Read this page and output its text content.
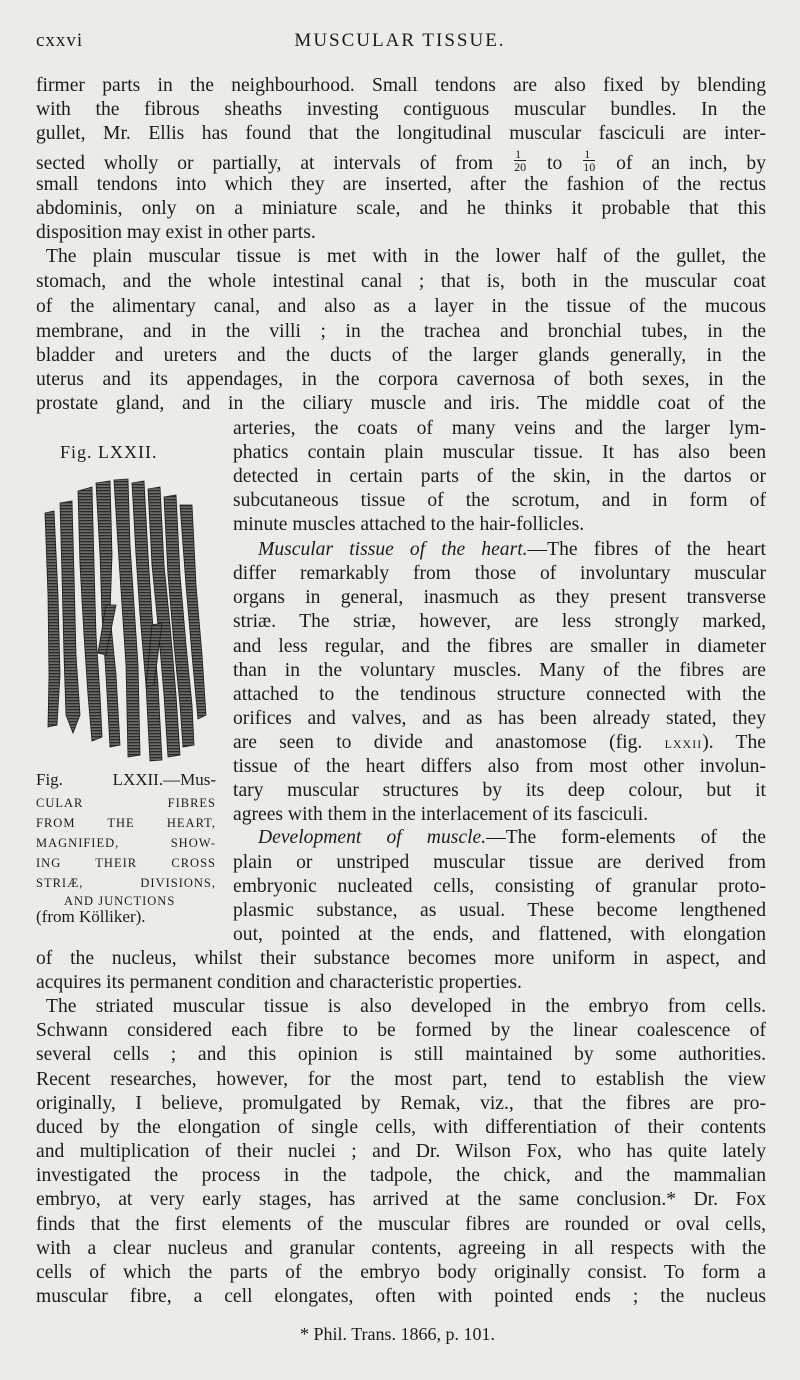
cxxvi	MUSCULAR TISSUE.
firmer parts in the neighbourhood. Small tendons are also fixed by blending
with the fibrous sheaths investing contiguous muscular bundles. In the
gullet, Mr. Ellis has found that the longitudinal muscular fasciculi are inter-
sected wholly or partially, at intervals of from $\frac{1}{20}$ to $\frac{1}{10}$ of an inch, by
small tendons into which they are inserted, after the fashion of the rectus
abdominis, only on a miniature scale, and he thinks it probable that this
disposition may exist in other parts.
The plain muscular tissue is met with in the lower half of the gullet, the
stomach, and the whole intestinal canal ; that is, both in the muscular coat
of the alimentary canal, and also as a layer in the tissue of the mucous
membrane, and in the villi ; in the trachea and bronchial tubes, in the
bladder and ureters and the ducts of the larger glands generally, in the
uterus and its appendages, in the corpora cavernosa of both sexes, in the
prostate gland, and in the ciliary muscle and iris. The middle coat of the
arteries, the coats of many veins and the larger lym-
phatics contain plain muscular tissue. It has also been
detected in certain parts of the skin, in the dartos or
subcutaneous tissue of the scrotum, and in form of
minute muscles attached to the hair-follicles.
Muscular tissue of the heart.—The fibres of the heart
differ remarkably from those of involuntary muscular
organs in general, inasmuch as they present transverse
striæ. The striæ, however, are less strongly marked,
and less regular, and the fibres are smaller in diameter
than in the voluntary muscles. Many of the fibres are
attached to the tendinous structure connected with the
orifices and valves, and as has been already stated, they
are seen to divide and anastomose (fig. lxxii). The
tissue of the heart differs also from most other involun-
tary muscular structures by its deep colour, but it
agrees with them in the interlacement of its fasciculi.
Development of muscle.—The form-elements of the
plain or unstriped muscular tissue are derived from
embryonic nucleated cells, consisting of granular proto-
plasmic substance, as usual. These become lengthened
out, pointed at the ends, and flattened, with elongation
of the nucleus, whilst their substance becomes more uniform in aspect, and
acquires its permanent condition and characteristic properties.
The striated muscular tissue is also developed in the embryo from cells.
Schwann considered each fibre to be formed by the linear coalescence of
several cells ; and this opinion is still maintained by some authorities.
Recent researches, however, for the most part, tend to establish the view
originally, I believe, promulgated by Remak, viz., that the fibres are pro-
duced by the elongation of single cells, with differentiation of their contents
and multiplication of their nuclei ; and Dr. Wilson Fox, who has quite lately
investigated the process in the tadpole, the chick, and the mammalian
embryo, at very early stages, has arrived at the same conclusion.* Dr. Fox
finds that the first elements of the muscular fibres are rounded or oval cells,
with a clear nucleus and granular contents, agreeing in all respects with the
cells of which the parts of the embryo body originally consist. To form a
muscular fibre, a cell elongates, often with pointed ends ; the nucleus
Fig. LXXII.
Fig. LXXII.—Mus-
CULAR FIBRES
FROM THE HEART,
MAGNIFIED, SHOW-
ING THEIR CROSS
STRIÆ, DIVISIONS,
AND JUNCTIONS
(from Kölliker).
* Phil. Trans. 1866, p. 101.
